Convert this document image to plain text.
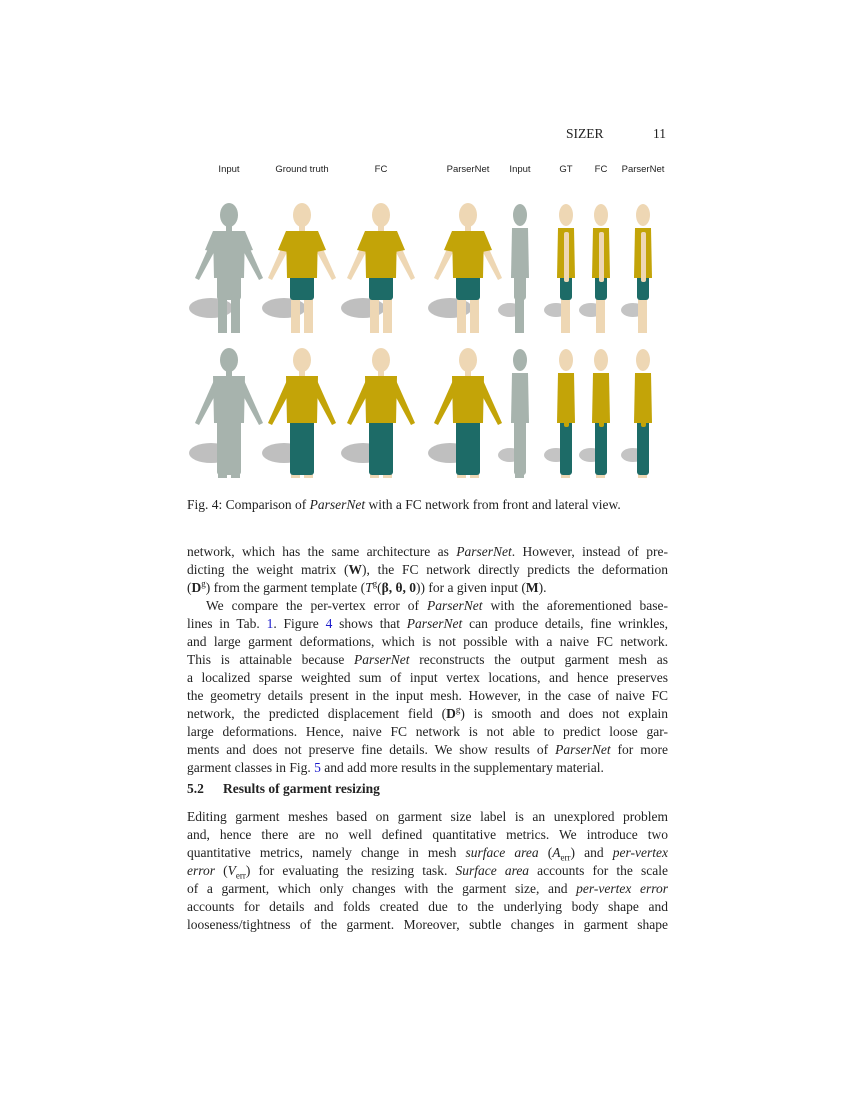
SIZER	11
Input	Ground truth	FC	ParserNet Input	GT FC ParserNet
Fig. 4: Comparison of ParserNet with a FC network from front and lateral view.
network, which has the same architecture as ParserNet. However, instead of pre-
dicting the weight matrix (W), the FC network directly predicts the deformation
$(D^g)$ from the garment template ($T^g(\beta$, θ, 0)) for a given input (M).
We compare the per-vertex error of ParserNet with the aforementioned base-
lines in Tab. 1. Figure 4 shows that ParserNet can produce details, fine wrinkles,
and large garment deformations, which is not possible with a naive FC network.
This is attainable because ParserNet reconstructs the output garment mesh as
a localized sparse weighted sum of input vertex locations, and hence preserves
the geometry details present in the input mesh. However, in the case of naive FC
network, the predicted displacement field $(D^g)$ is smooth and does not explain
large deformations. Hence, naive FC network is not able to predict loose gar-
ments and does not preserve fine details. We show results of ParserNet for more
garment classes in Fig. 5 and add more results in the supplementary material.
5.2 Results of garment resizing
Editing garment meshes based on garment size label is an unexplored problem
and, hence there are no well defined quantitative metrics. We introduce two
quantitative metrics, namely change in mesh surface area $(A_{err})$ and per-vertex
error $(V_{err})$ for evaluating the resizing task. Surface area accounts for the scale
of a garment, which only changes with the garment size, and per-vertex error
accounts for details and folds created due to the underlying body shape and
looseness/tightness of the garment. Moreover, subtle changes in garment shape
